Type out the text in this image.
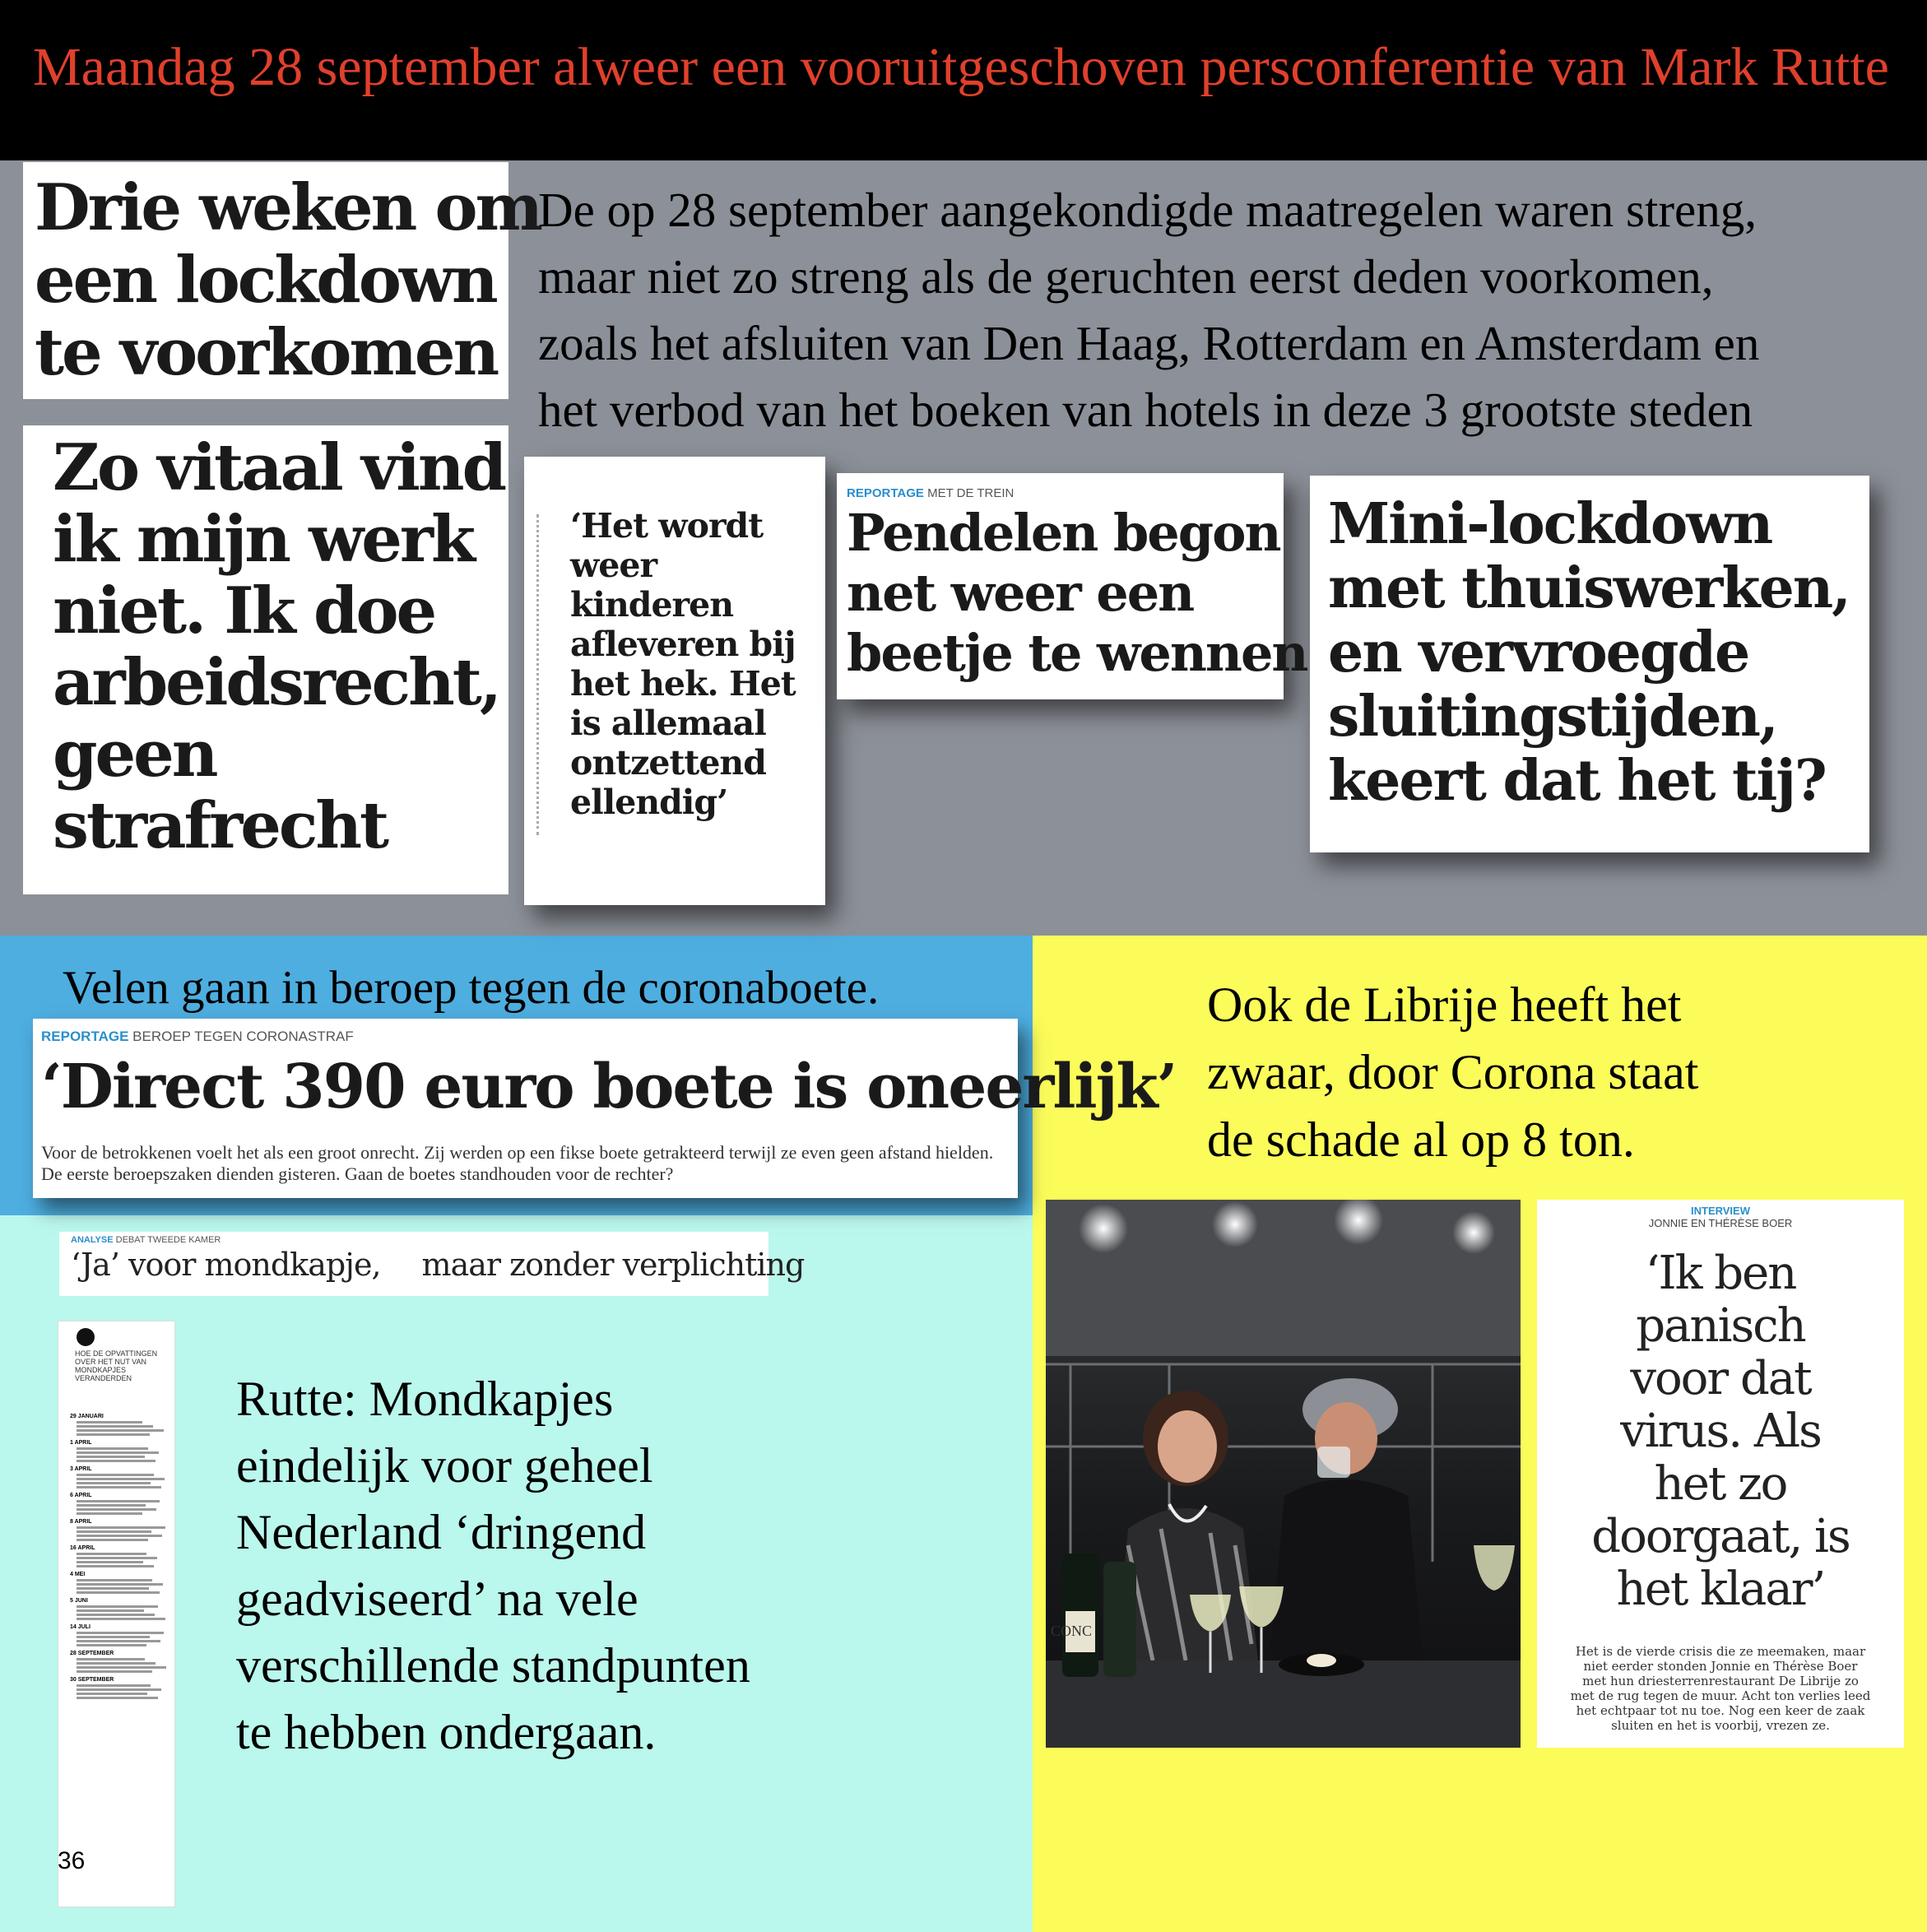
Maandag 28 september alweer een vooruitgeschoven persconferentie van Mark Rutte
Drie weken om
een lockdown
te voorkomen
De op 28 september aangekondigde maatregelen waren streng,
maar niet zo streng als de geruchten eerst deden voorkomen,
zoals het afsluiten van Den Haag, Rotterdam en Amsterdam en
het verbod van het boeken van hotels in deze 3 grootste steden
Zo vitaal vind
ik mijn werk
niet. Ik doe
arbeidsrecht,
geen
strafrecht
‘Het wordt
weer
kinderen
afleveren bij
het hek. Het
is allemaal
ontzettend
ellendig’
REPORTAGE MET DE TREIN
Pendelen begon
net weer een
beetje te wennen
Mini-lockdown
met thuiswerken,
en vervroegde
sluitingstijden,
keert dat het tij?
Velen gaan in beroep tegen de coronaboete.
REPORTAGE BEROEP TEGEN CORONASTRAF
‘Direct 390 euro boete is oneerlijk’
Voor de betrokkenen voelt het als een groot onrecht. Zij werden op een fikse boete getrakteerd terwijl ze even geen afstand hielden. De eerste beroepszaken dienden gisteren. Gaan de boetes standhouden voor de rechter?
ANALYSE DEBAT TWEEDE KAMER
‘Ja’ voor mondkapje, maar zonder verplichting
HOE DE OPVATTINGEN OVER HET NUT VAN MONDKAPJES VERANDERDEN
29 JANUARI
1 APRIL
3 APRIL
6 APRIL
8 APRIL
16 APRIL
4 MEI
5 JUNI
14 JULI
28 SEPTEMBER
30 SEPTEMBER
36
Rutte: Mondkapjes
eindelijk voor geheel
Nederland ‘dringend
geadviseerd’ na vele
verschillende standpunten
te hebben ondergaan.
Ook de Librije heeft het
zwaar, door Corona staat
de schade al op 8 ton.
CONC
INTERVIEW
JONNIE EN THÉRÈSE BOER
‘Ik ben
panisch
voor dat
virus. Als
het zo
doorgaat, is
het klaar’
Het is de vierde crisis die ze meemaken, maar niet eerder stonden Jonnie en Thérèse Boer met hun driesterrenrestaurant De Librije zo met de rug tegen de muur. Acht ton verlies leed het echtpaar tot nu toe. Nog een keer de zaak sluiten en het is voorbij, vrezen ze.
